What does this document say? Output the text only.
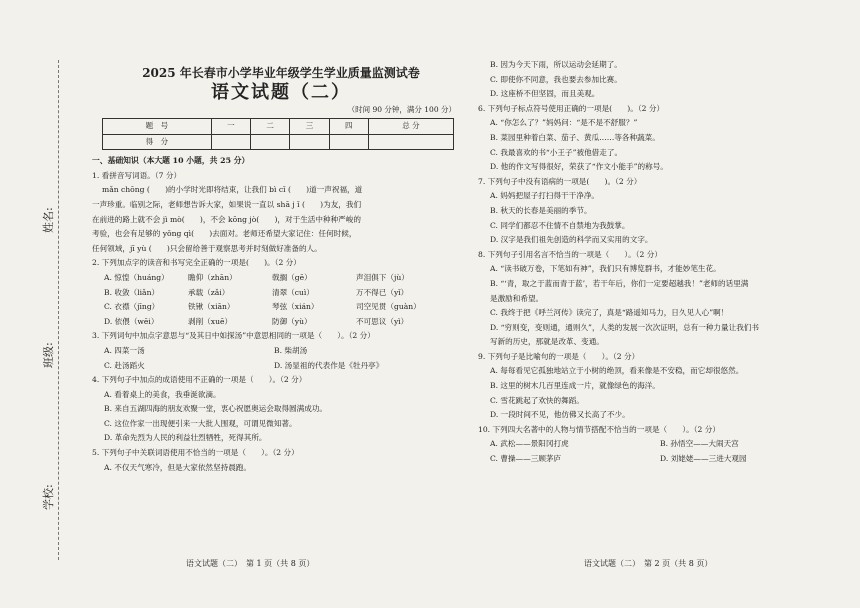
姓名:
班级:
学校:
2025 年长春市小学毕业年级学生学业质量监测试卷
语文试题（二）
（时间 90 分钟，满分 100 分）
题　号	一	二	三	四	总 分
得　分					
一、基础知识（本大题 10 小题，共 25 分）
1. 看拼音写词语。（7 分）
mǎn chōng (　　)的小学时光即将结束，让我们 bì cǐ (　　)道一声祝福，道
一声珍重。临别之际，老师想告诉大家，如果说一直以 shā j ǐ (　　)为友，我们
在前进的路上就不会 jì mò(　　)，不会 kōng jò(　　)，对于生活中种种严峻的
考验，也会有足够的 yǒng qì(　　)去面对。老师还希望大家记住：任何时候，
任何领域，jī yù (　　)只会留给善于观察思考并时刻做好准备的人。
2. 下列加点字的读音和书写完全正确的一项是(　　)。（2 分）
A. 惊惶（huáng）	瞻仰（zhān）	戟搁（gē）	声泪俱下（jù）
B. 收敛（liǎn）	承载（zǎi）	清翠（cuì）	万不得已（yǐ）
C. 衣襟（jīng）	铁锹（xiān）	琴弦（xián）	司空见贯（guàn）
D. 依偎（wēi）	剥削（xuē）	防御（yù）	不可思议（yì）
3. 下列词句中加点字意思与“及其日中如探汤”中意思相同的一项是（　　）。（2 分）
A. 四菜一汤	B. 柴胡汤
C. 赴汤蹈火	D. 汤显祖的代表作是《牡丹亭》
4. 下列句子中加点的成语使用不正确的一项是（　　）。（2 分）
A. 看着桌上的美食，我垂涎欲滴。
B. 来自五湖四海的朋友欢聚一堂，衷心祝愿奥运会取得圆满成功。
C. 这位作家一出现便引来一大批人围观，可谓见微知著。
D. 革命先烈为人民的利益壮烈牺牲，死得其所。
5. 下列句子中关联词语使用不恰当的一项是（　　）。（2 分）
A. 不仅天气寒冷，但是大家依然坚持晨跑。
语文试题（二）　第 1 页（共 8 页）
B. 因为今天下雨，所以运动会延期了。
C. 即使你不同意，我也要去参加比赛。
D. 这座桥不但坚固，而且美观。
6. 下列句子标点符号使用正确的一项是(　　)。（2 分）
A. “你怎么了？”妈妈问：“是不是不舒服？”
B. 菜园里种着白菜、茄子、黄瓜……等各种蔬菜。
C. 我最喜欢的书“小王子”被他借走了。
D. 他的作文写得很好，荣获了“作文小能手”的称号。
7. 下列句子中没有语病的一项是(　　)。（2 分）
A. 妈妈把屋子打扫得干干净净。
B. 秋天的长春是美丽的季节。
C. 同学们都忍不住情不自禁地为我鼓掌。
D. 汉字是我们祖先创造的科学而又实用的文字。
8. 下列句子引用名言不恰当的一项是（　　）。（2 分）
A. “读书破万卷，下笔如有神”，我们只有博览群书，才能妙笔生花。
B. “‘青，取之于蓝而青于蓝’，若干年后，你们一定要超越我！”老师的话里满
是激励和希望。
C. 我终于把《呼兰河传》读完了，真是“路遥知马力，日久见人心”啊！
D. “穷则变，变则通，通则久”，人类的发展一次次证明，总有一种力量让我们书
写新的历史，那就是改革、变通。
9. 下列句子是比喻句的一项是（　　）。（2 分）
A. 每每看见它孤独地站立于小树的绝顶，看来像是不安稳，而它却很悠然。
B. 这里的树木几百里连成一片，就像绿色的海洋。
C. 雪花跳起了欢快的舞蹈。
D. 一段时间不见，他仿佛又长高了不少。
10. 下列四大名著中的人物与情节搭配不恰当的一项是（　　）。（2 分）
A. 武松——景阳冈打虎	B. 孙悟空——大闹天宫
C. 曹操——三顾茅庐	D. 刘姥姥——三进大观园
语文试题（二）　第 2 页（共 8 页）
